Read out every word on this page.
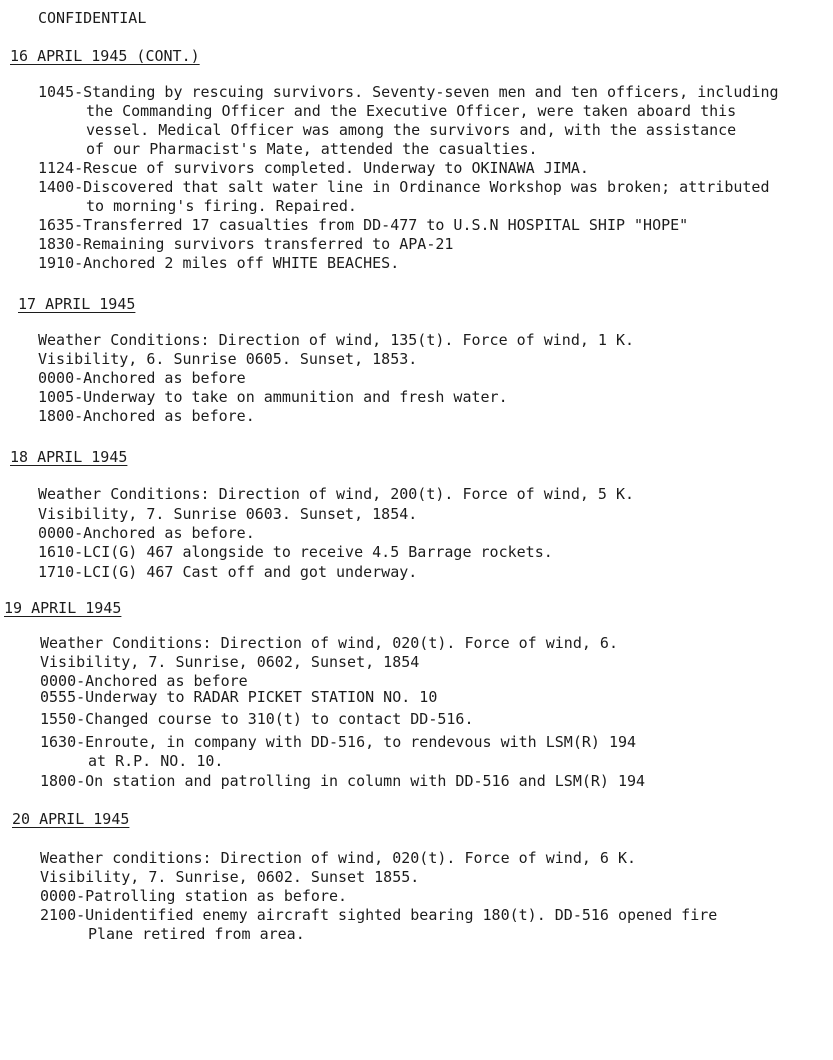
CONFIDENTIAL
16 APRIL 1945 (CONT.)
1045-Standing by rescuing survivors. Seventy-seven men and ten officers, including
the Commanding Officer and the Executive Officer, were taken aboard this
vessel. Medical Officer was among the survivors and, with the assistance
of our Pharmacist's Mate, attended the casualties.
1124-Rescue of survivors completed. Underway to OKINAWA JIMA.
1400-Discovered that salt water line in Ordinance Workshop was broken; attributed
to morning's firing. Repaired.
1635-Transferred 17 casualties from DD-477 to U.S.N HOSPITAL SHIP "HOPE"
1830-Remaining survivors transferred to APA-21
1910-Anchored 2 miles off WHITE BEACHES.
17 APRIL 1945
Weather Conditions: Direction of wind, 135(t). Force of wind, 1 K.
Visibility, 6. Sunrise 0605. Sunset, 1853.
0000-Anchored as before
1005-Underway to take on ammunition and fresh water.
1800-Anchored as before.
18 APRIL 1945
Weather Conditions: Direction of wind, 200(t). Force of wind, 5 K.
Visibility, 7. Sunrise 0603. Sunset, 1854.
0000-Anchored as before.
1610-LCI(G) 467 alongside to receive 4.5 Barrage rockets.
1710-LCI(G) 467 Cast off and got underway.
19 APRIL 1945
Weather Conditions: Direction of wind, 020(t). Force of wind, 6.
Visibility, 7. Sunrise, 0602, Sunset, 1854
0000-Anchored as before
0555-Underway to RADAR PICKET STATION NO. 10
1550-Changed course to 310(t) to contact DD-516.
1630-Enroute, in company with DD-516, to rendevous with LSM(R) 194
at R.P. NO. 10.
1800-On station and patrolling in column with DD-516 and LSM(R) 194
20 APRIL 1945
Weather conditions: Direction of wind, 020(t). Force of wind, 6 K.
Visibility, 7. Sunrise, 0602. Sunset 1855.
0000-Patrolling station as before.
2100-Unidentified enemy aircraft sighted bearing 180(t). DD-516 opened fire
Plane retired from area.
